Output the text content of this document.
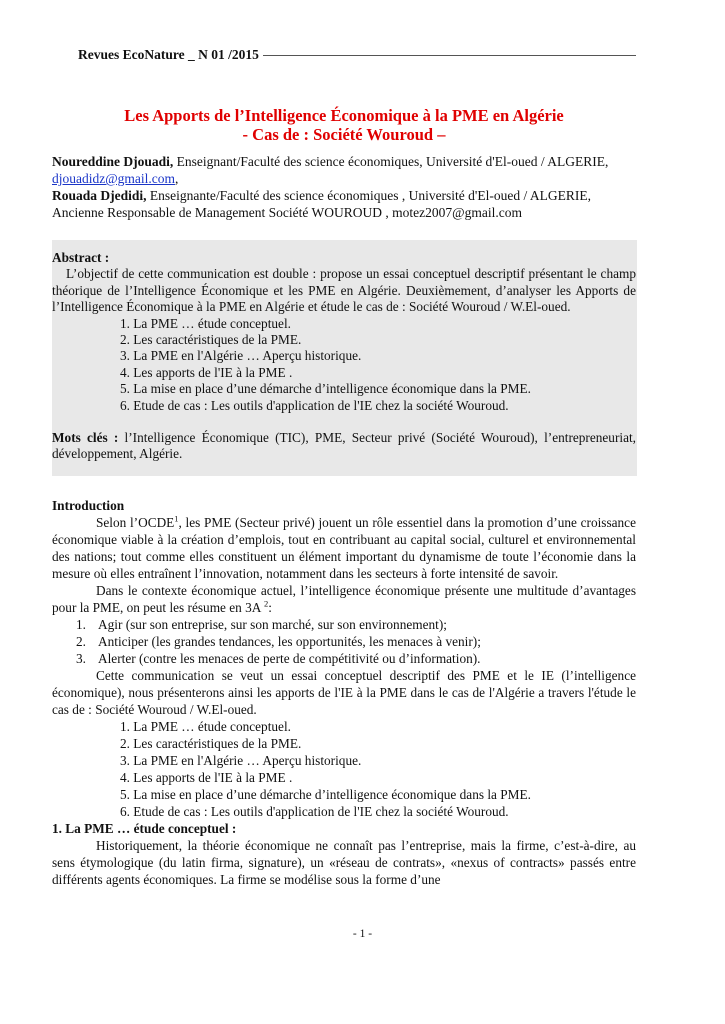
Revues EcoNature _ N 01 /2015
Les Apports de l’Intelligence Économique à la PME en Algérie
- Cas de : Société Wouroud –
Noureddine Djouadi, Enseignant/Faculté des science économiques, Université d'El-oued / ALGERIE, djouadidz@gmail.com,
Rouada Djedidi, Enseignante/Faculté des science économiques , Université d'El-oued / ALGERIE, Ancienne Responsable de Management Société WOUROUD , motez2007@gmail.com
Abstract :
L’objectif de cette communication est double : propose un essai conceptuel descriptif présentant le champ théorique de l’Intelligence Économique et les PME en Algérie. Deuxièmement, d’analyser les Apports de l’Intelligence Économique à la PME en Algérie et étude le cas de : Société Wouroud / W.El-oued.
1. La PME … étude conceptuel.
2. Les caractéristiques de la PME.
3. La PME en l'Algérie … Aperçu historique.
4. Les apports de l'IE à la PME .
5. La mise en place d’une démarche d’intelligence économique dans la PME.
6. Etude de cas : Les outils d'application de l'IE chez la société Wouroud.
Mots clés : l’Intelligence Économique (TIC), PME, Secteur privé (Société Wouroud), l’entrepreneuriat, développement, Algérie.

Introduction

Selon l’OCDE$^1$, les PME (Secteur privé) jouent un rôle essentiel dans la promotion d’une croissance économique viable à la création d’emplois, tout en contribuant au capital social, culturel et environnemental des nations; tout comme elles constituent un élément important du dynamisme de toute l’économie dans la mesure où elles entraînent l’innovation, notamment dans les secteurs à forte intensité de savoir.

Dans le contexte économique actuel, l’intelligence économique présente une multitude d’avantages pour la PME, on peut les résume en 3A $^2$:

1. Agir (sur son entreprise, sur son marché, sur son environnement);
2. Anticiper (les grandes tendances, les opportunités, les menaces à venir);
3. Alerter (contre les menaces de perte de compétitivité ou d’information).

Cette communication se veut un essai conceptuel descriptif des PME et le IE (l’intelligence économique), nous présenterons ainsi les apports de l'IE à la PME dans le cas de l'Algérie a travers l'étude le cas de : Société Wouroud / W.El-oued.

1. La PME … étude conceptuel.
2. Les caractéristiques de la PME.
3. La PME en l'Algérie … Aperçu historique.
4. Les apports de l'IE à la PME .
5. La mise en place d’une démarche d’intelligence économique dans la PME.
6. Etude de cas : Les outils d'application de l'IE chez la société Wouroud.

1. La PME … étude conceptuel :

Historiquement, la théorie économique ne connaît pas l’entreprise, mais la firme, c’est-à-dire, au sens étymologique (du latin firma, signature), un «réseau de contrats», «nexus of contracts» passés entre différents agents économiques. La firme se modélise sous la forme d’une

- 1 -
